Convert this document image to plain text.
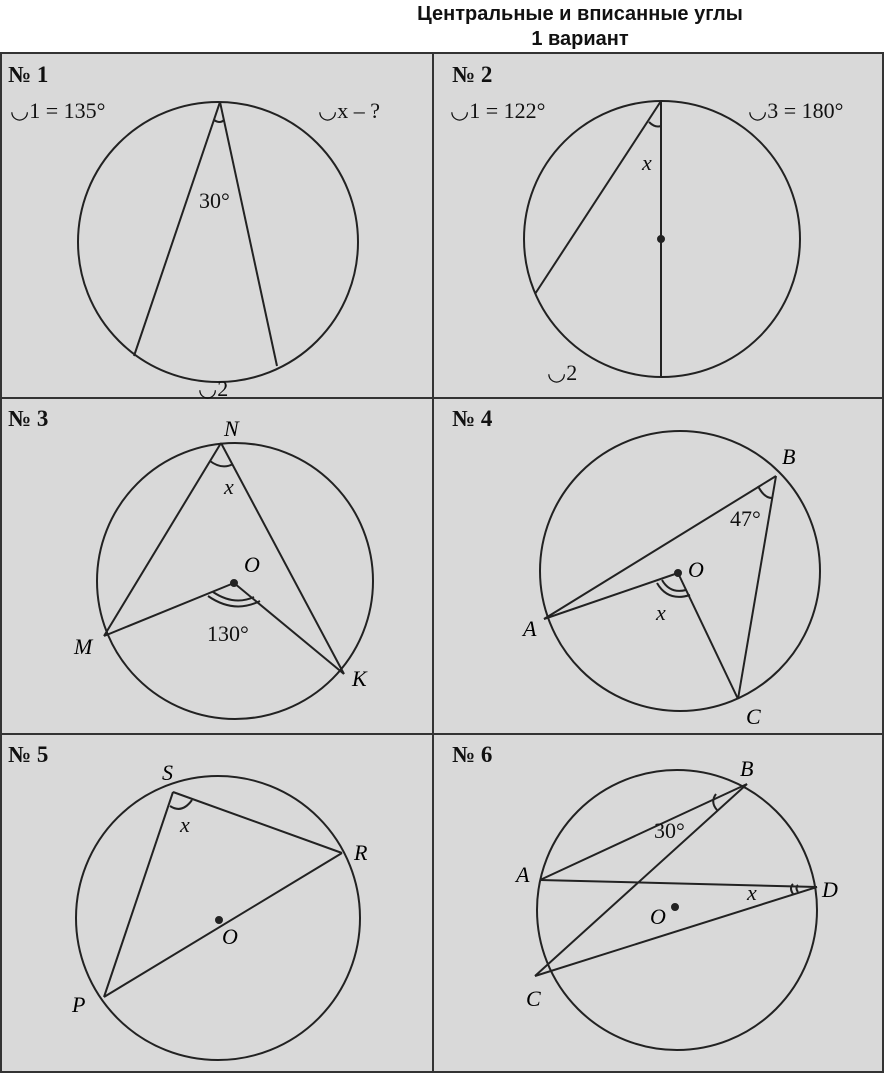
Центральные и вписанные углы
1 вариант
№ 1
◡1 = 135°	◡x – ?
30°
◡2
№ 2
◡1 = 122°	◡3 = 180°
x
◡2
№ 3	N
x
O
130°
M
K
№ 4
B
47°
O
x
A
C
№ 5
S
x
R
O
P
№ 6
B
30°
A
x	D
O
C
